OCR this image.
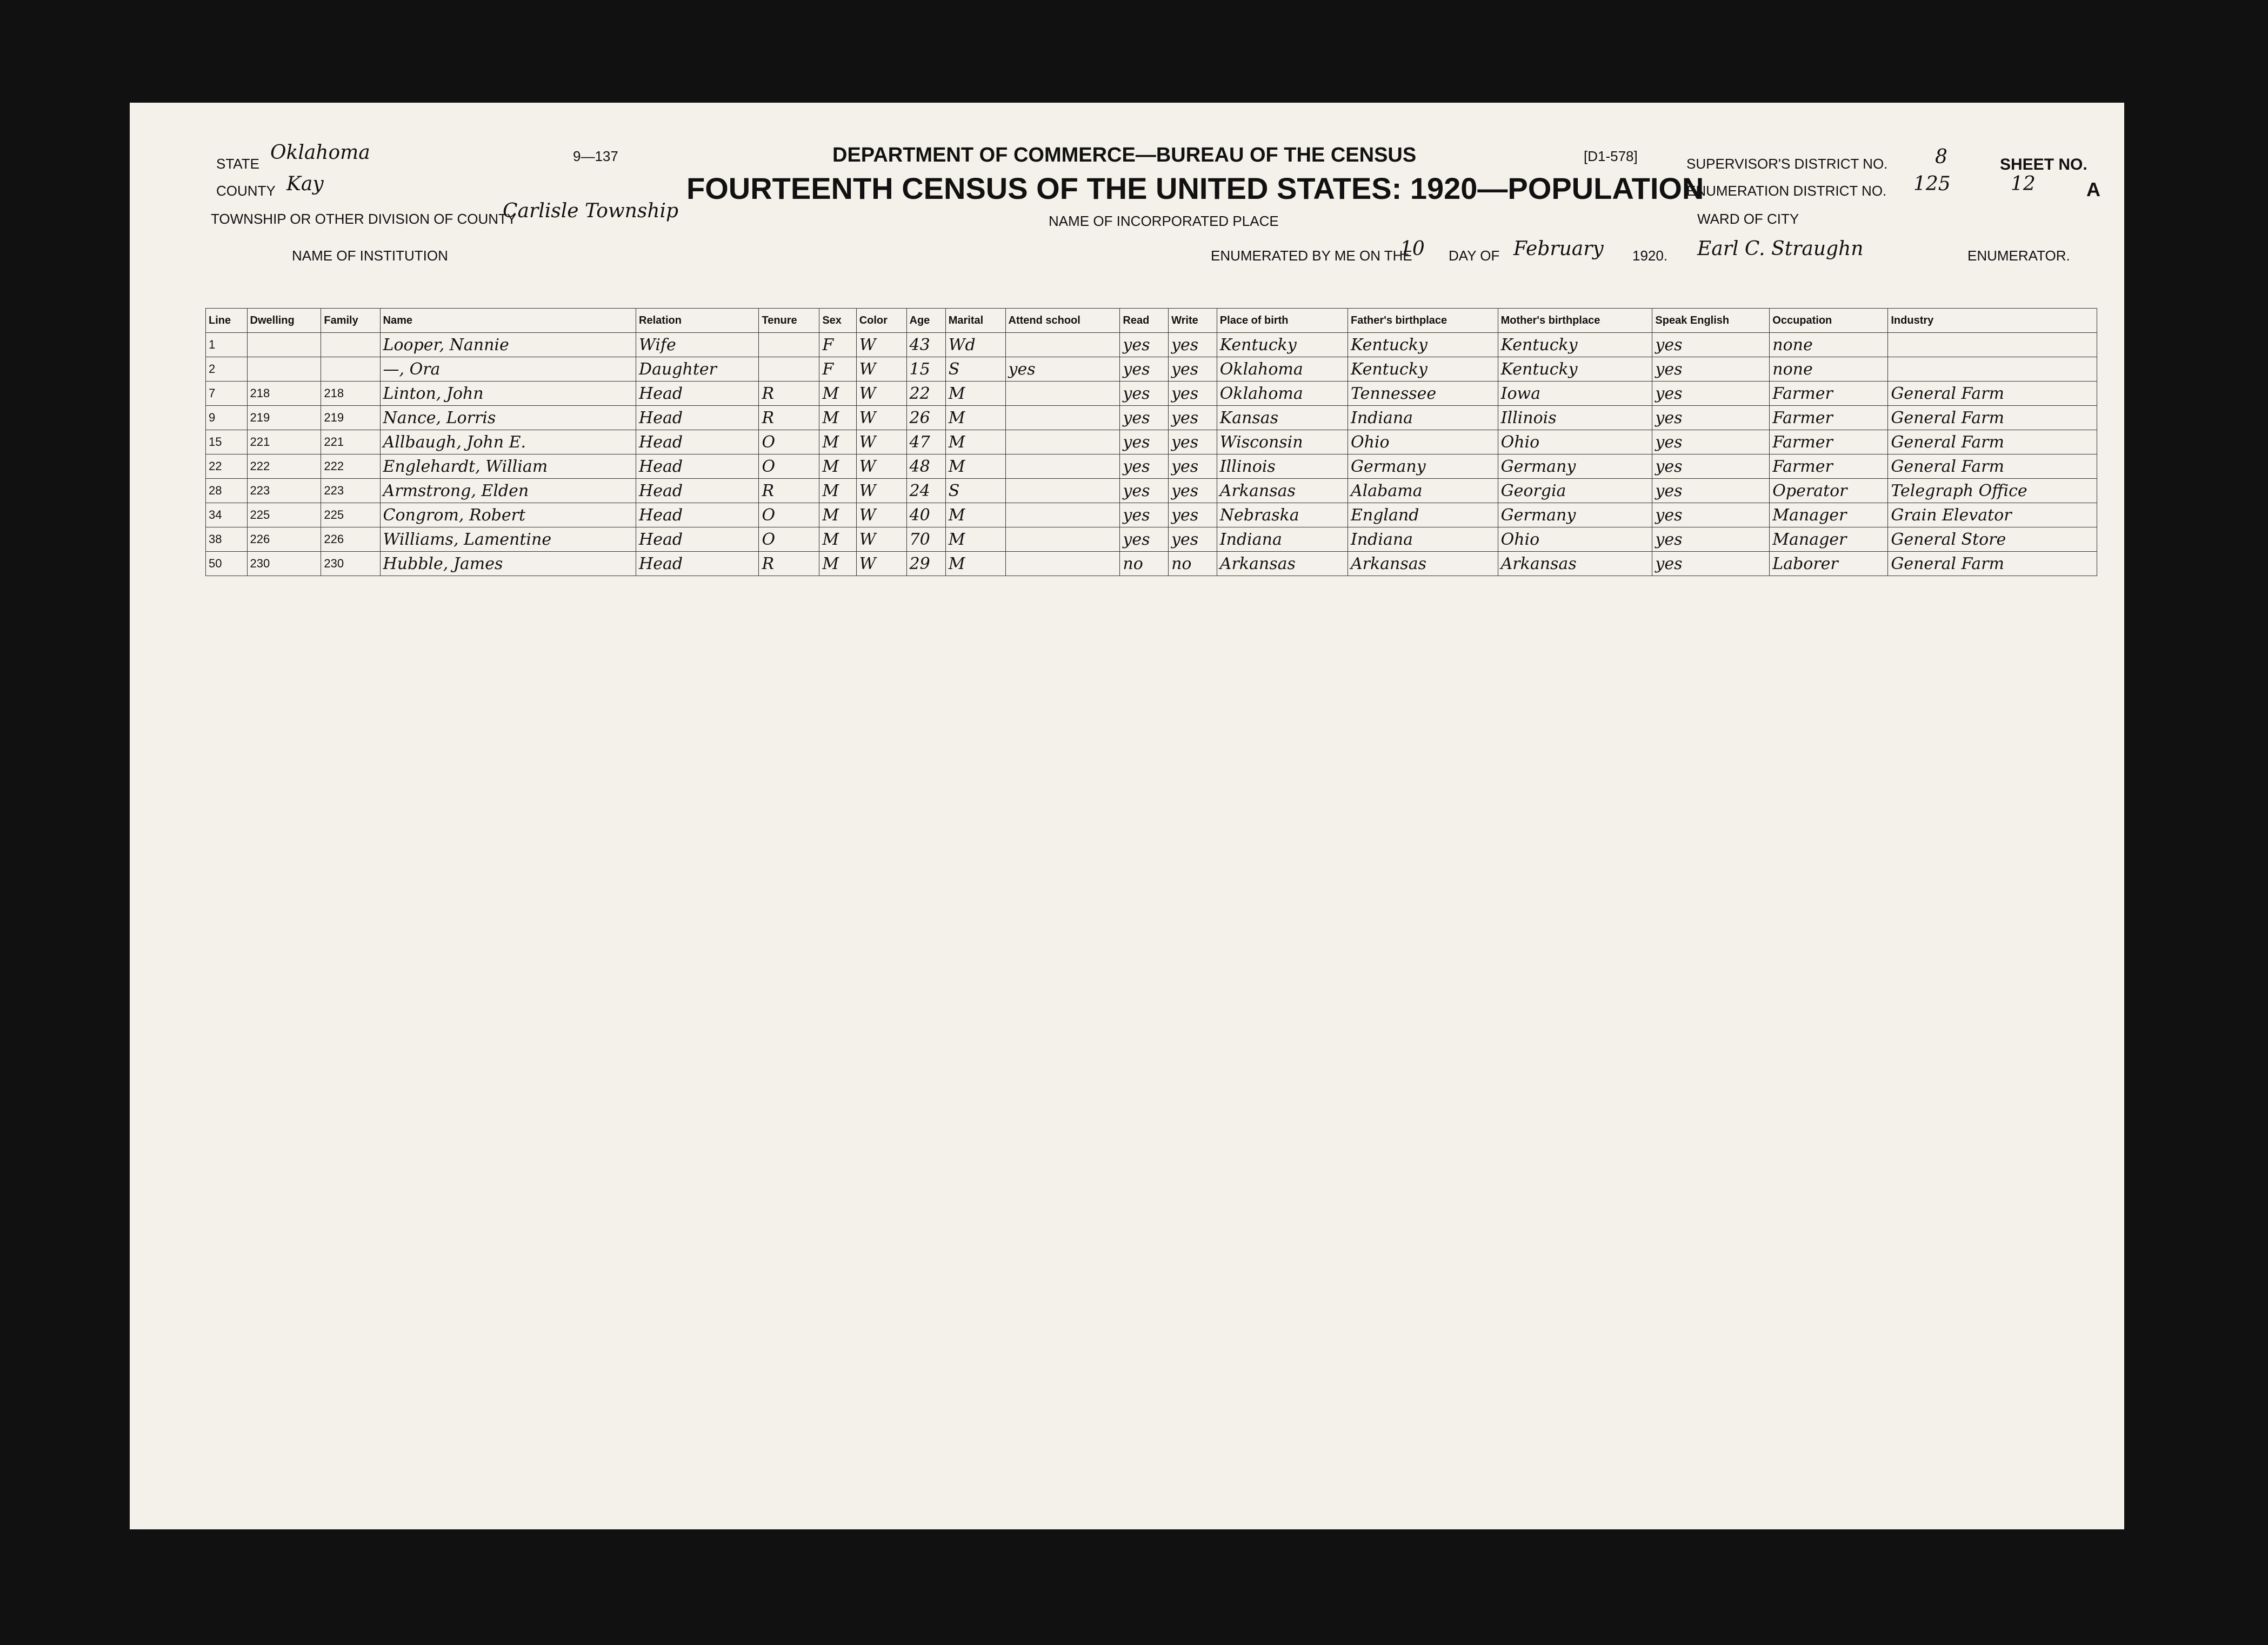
STATE Oklahoma
COUNTY Kay
TOWNSHIP OR OTHER DIVISION OF COUNTY
Carlisle Township
NAME OF INSTITUTION
9—137	DEPARTMENT OF COMMERCE—BUREAU OF THE CENSUS
FOURTEENTH CENSUS OF THE UNITED STATES: 1920—POPULATION
NAME OF INCORPORATED PLACE
ENUMERATED BY ME ON THE
10 DAY OF February 1920. Earl C. Straughn	ENUMERATOR.
[D1-578]	SUPERVISOR'S DISTRICT NO. 8
ENUMERATION DISTRICT NO. 125
WARD OF CITY
SHEET NO.
12	A
Line	Dwelling	Family	Name	Relation	Tenure	Sex	Color	Age	Marital	Attend school	Read	Write	Place of birth	Father's birthplace	Mother's birthplace	Speak English	Occupation	Industry
1			Looper, Nannie	Wife		F	W	43	Wd		yes	yes	Kentucky	Kentucky	Kentucky	yes	none	
2			—, Ora	Daughter		F	W	15	S	yes	yes	yes	Oklahoma	Kentucky	Kentucky	yes	none	
7	218	218	Linton, John	Head	R	M	W	22	M		yes	yes	Oklahoma	Tennessee	Iowa	yes	Farmer	General Farm
9	219	219	Nance, Lorris	Head	R	M	W	26	M		yes	yes	Kansas	Indiana	Illinois	yes	Farmer	General Farm
15	221	221	Allbaugh, John E.	Head	O	M	W	47	M		yes	yes	Wisconsin	Ohio	Ohio	yes	Farmer	General Farm
22	222	222	Englehardt, William	Head	O	M	W	48	M		yes	yes	Illinois	Germany	Germany	yes	Farmer	General Farm
28	223	223	Armstrong, Elden	Head	R	M	W	24	S		yes	yes	Arkansas	Alabama	Georgia	yes	Operator	Telegraph Office
34	225	225	Congrom, Robert	Head	O	M	W	40	M		yes	yes	Nebraska	England	Germany	yes	Manager	Grain Elevator
38	226	226	Williams, Lamentine	Head	O	M	W	70	M		yes	yes	Indiana	Indiana	Ohio	yes	Manager	General Store
50	230	230	Hubble, James	Head	R	M	W	29	M		no	no	Arkansas	Arkansas	Arkansas	yes	Laborer	General Farm
